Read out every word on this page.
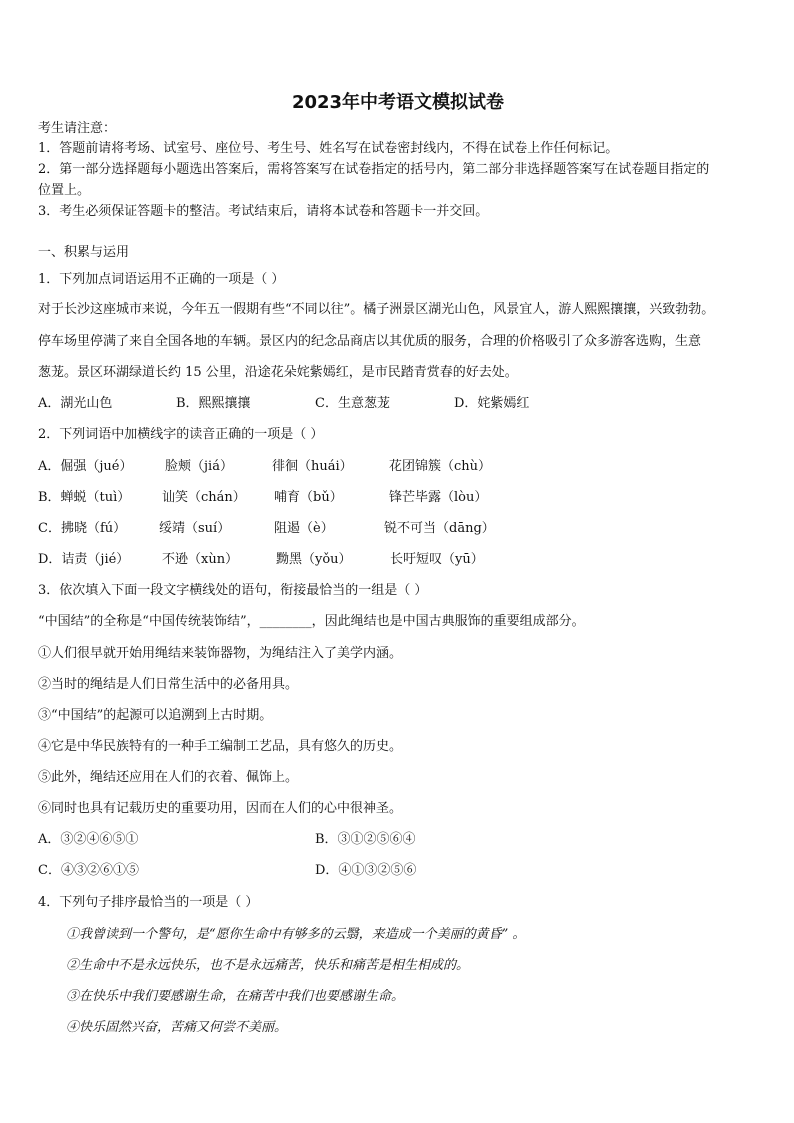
2023年中考语文模拟试卷
考生请注意：
1．答题前请将考场、试室号、座位号、考生号、姓名写在试卷密封线内，不得在试卷上作任何标记。
2．第一部分选择题每小题选出答案后，需将答案写在试卷指定的括号内，第二部分非选择题答案写在试卷题目指定的
位置上。
3．考生必须保证答题卡的整洁。考试结束后，请将本试卷和答题卡一并交回。
一、积累与运用
1．下列加点词语运用不正确的一项是（ ）
对于长沙这座城市来说，今年五一假期有些“不同以往”。橘子洲景区湖光山色，风景宜人，游人熙熙攘攘，兴致勃勃。
停车场里停满了来自全国各地的车辆。景区内的纪念品商店以其优质的服务，合理的价格吸引了众多游客选购，生意
葱茏。景区环湖绿道长约 15 公里，沿途花朵姹紫嫣红，是市民踏青赏春的好去处。
A．湖光山色	B．熙熙攘攘	C．生意葱茏	D．姹紫嫣红
2．下列词语中加横线字的读音正确的一项是（ ）
A．倔强（jué）	脸颊（jiá）	徘徊（huái）	花团锦簇（chù）
B．蝉蜕（tuì） 讪笑（chán） 哺育（bǔ）	锋芒毕露（lòu）
C．拂晓（fú）	绥靖（suí）	阻遏（è）	锐不可当（dāng）
D．诘责（jié）	不逊（xùn）	黝黑（yǒu）	长吁短叹（yū）
3．依次填入下面一段文字横线处的语句，衔接最恰当的一组是（ ）
“中国结”的全称是“中国传统装饰结”，________，因此绳结也是中国古典服饰的重要组成部分。
①人们很早就开始用绳结来装饰器物，为绳结注入了美学内涵。
②当时的绳结是人们日常生活中的必备用具。
③“中国结”的起源可以追溯到上古时期。
④它是中华民族特有的一种手工编制工艺品，具有悠久的历史。
⑤此外，绳结还应用在人们的衣着、佩饰上。
⑥同时也具有记载历史的重要功用，因而在人们的心中很神圣。
A．③②④⑥⑤①	B．③①②⑤⑥④
C．④③②⑥①⑤	D．④①③②⑤⑥
4．下列句子排序最恰当的一项是（ ）
①我曾读到一个警句，是“愿你生命中有够多的云翳，来造成一个美丽的黄昏” 。
②生命中不是永远快乐，也不是永远痛苦，快乐和痛苦是相生相成的。
③在快乐中我们要感谢生命，在痛苦中我们也要感谢生命。
④快乐固然兴奋，苦痛又何尝不美丽。
